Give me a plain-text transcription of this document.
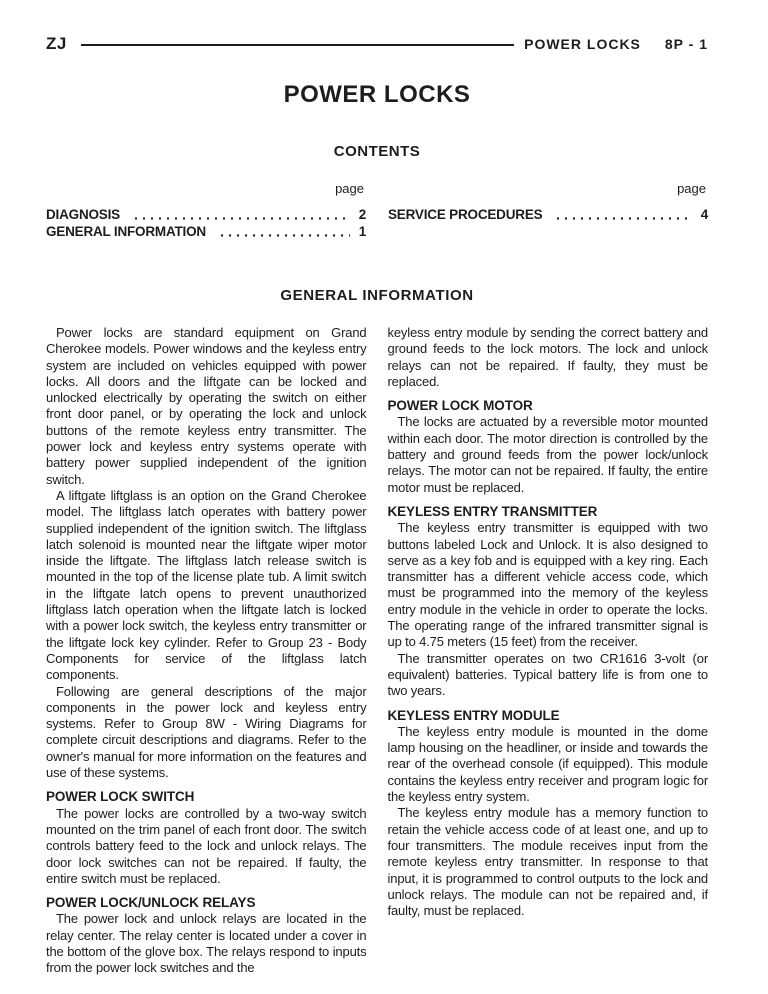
ZJ	POWER LOCKS 8P - 1
POWER LOCKS
CONTENTS
page
DIAGNOSIS	2
GENERAL INFORMATION	1
page
SERVICE PROCEDURES	4
GENERAL INFORMATION

Power locks are standard equipment on Grand Cherokee models. Power windows and the keyless entry system are included on vehicles equipped with power locks. All doors and the liftgate can be locked and unlocked electrically by operating the switch on either front door panel, or by operating the lock and unlock buttons of the remote keyless entry transmitter. The power lock and keyless entry systems operate with battery power supplied independent of the ignition switch.

A liftgate liftglass is an option on the Grand Cherokee model. The liftglass latch operates with battery power supplied independent of the ignition switch. The liftglass latch solenoid is mounted near the liftgate wiper motor inside the liftgate. The liftglass latch release switch is mounted in the top of the license plate tub. A limit switch in the liftgate latch opens to prevent unauthorized liftglass latch operation when the liftgate latch is locked with a power lock switch, the keyless entry transmitter or the liftgate lock key cylinder. Refer to Group 23 - Body Components for service of the liftglass latch components.

Following are general descriptions of the major components in the power lock and keyless entry systems. Refer to Group 8W - Wiring Diagrams for complete circuit descriptions and diagrams. Refer to the owner's manual for more information on the features and use of these systems.

POWER LOCK SWITCH

The power locks are controlled by a two-way switch mounted on the trim panel of each front door. The switch controls battery feed to the lock and unlock relays. The door lock switches can not be repaired. If faulty, the entire switch must be replaced.

POWER LOCK/UNLOCK RELAYS

The power lock and unlock relays are located in the relay center. The relay center is located under a cover in the bottom of the glove box. The relays respond to inputs from the power lock switches and the

keyless entry module by sending the correct battery and ground feeds to the lock motors. The lock and unlock relays can not be repaired. If faulty, they must be replaced.

POWER LOCK MOTOR

The locks are actuated by a reversible motor mounted within each door. The motor direction is controlled by the battery and ground feeds from the power lock/unlock relays. The motor can not be repaired. If faulty, the entire motor must be replaced.

KEYLESS ENTRY TRANSMITTER

The keyless entry transmitter is equipped with two buttons labeled Lock and Unlock. It is also designed to serve as a key fob and is equipped with a key ring. Each transmitter has a different vehicle access code, which must be programmed into the memory of the keyless entry module in the vehicle in order to operate the locks. The operating range of the infrared transmitter signal is up to 4.75 meters (15 feet) from the receiver.

The transmitter operates on two CR1616 3-volt (or equivalent) batteries. Typical battery life is from one to two years.

KEYLESS ENTRY MODULE

The keyless entry module is mounted in the dome lamp housing on the headliner, or inside and towards the rear of the overhead console (if equipped). This module contains the keyless entry receiver and program logic for the keyless entry system.

The keyless entry module has a memory function to retain the vehicle access code of at least one, and up to four transmitters. The module receives input from the remote keyless entry transmitter. In response to that input, it is programmed to control outputs to the lock and unlock relays. The module can not be repaired and, if faulty, must be replaced.
